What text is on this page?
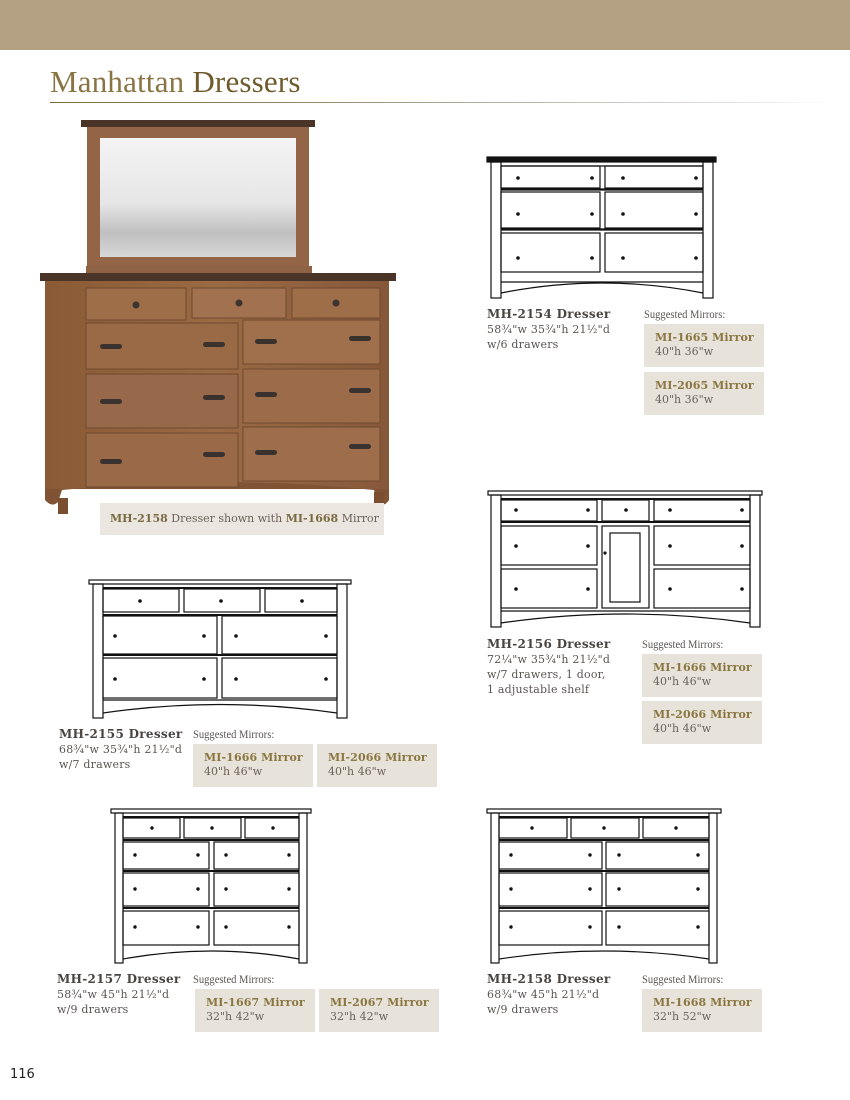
Manhattan Dressers
MH-2158 Dresser shown with MI-1668 Mirror
MH-2154 Dresser
58¾"w 35¾"h 21½"d
w/6 drawers
Suggested Mirrors:
MI-1665 Mirror
40"h 36"w
MI-2065 Mirror
40"h 36"w
MH-2156 Dresser
72¼"w 35¾"h 21½"d
w/7 drawers, 1 door,
1 adjustable shelf
Suggested Mirrors:
MI-1666 Mirror
40"h 46"w
MI-2066 Mirror
40"h 46"w
MH-2155 Dresser
68¾"w 35¾"h 21½"d
w/7 drawers
Suggested Mirrors:
MI-1666 Mirror
40"h 46"w
MI-2066 Mirror
40"h 46"w
MH-2157 Dresser
58¾"w 45"h 21½"d
w/9 drawers
Suggested Mirrors:
MI-1667 Mirror
32"h 42"w
MI-2067 Mirror
32"h 42"w
MH-2158 Dresser
68¾"w 45"h 21½"d
w/9 drawers
Suggested Mirrors:
MI-1668 Mirror
32"h 52"w
116
